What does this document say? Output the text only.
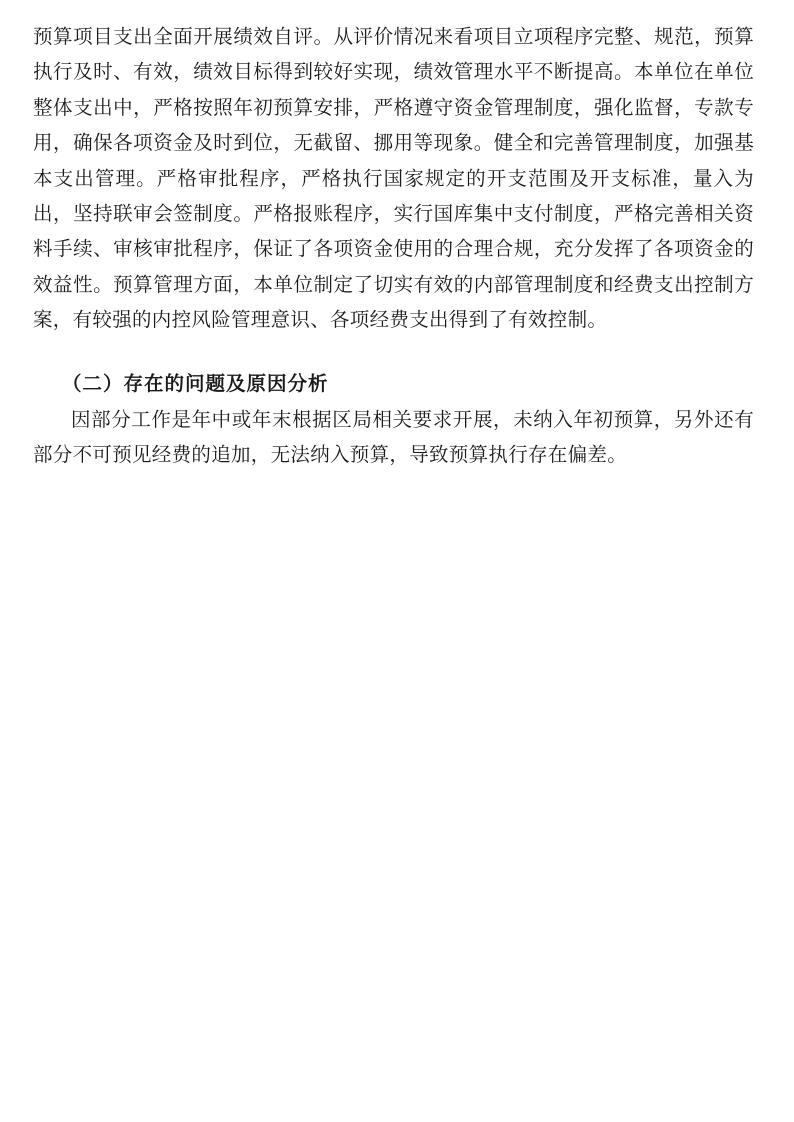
预算项目支出全面开展绩效自评。从评价情况来看项目立项程序完整、规范，预算执行及时、有效，绩效目标得到较好实现，绩效管理水平不断提高。本单位在单位整体支出中，严格按照年初预算安排，严格遵守资金管理制度，强化监督，专款专用，确保各项资金及时到位，无截留、挪用等现象。健全和完善管理制度，加强基本支出管理。严格审批程序，严格执行国家规定的开支范围及开支标准，量入为出，坚持联审会签制度。严格报账程序，实行国库集中支付制度，严格完善相关资料手续、审核审批程序，保证了各项资金使用的合理合规，充分发挥了各项资金的效益性。预算管理方面，本单位制定了切实有效的内部管理制度和经费支出控制方案，有较强的内控风险管理意识、各项经费支出得到了有效控制。

（二）存在的问题及原因分析

因部分工作是年中或年末根据区局相关要求开展，未纳入年初预算，另外还有部分不可预见经费的追加，无法纳入预算，导致预算执行存在偏差。
